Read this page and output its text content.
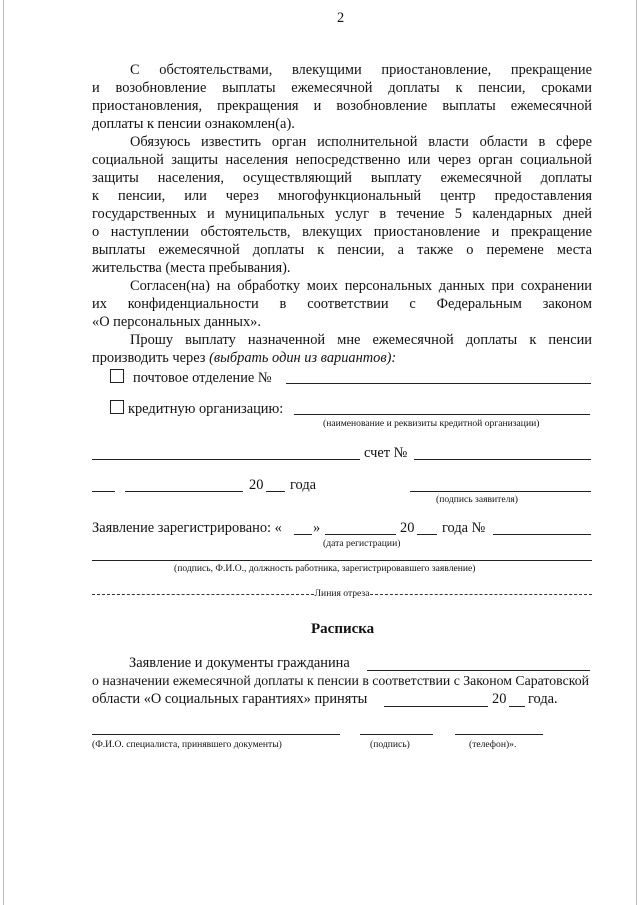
2
С обстоятельствами, влекущими приостановление, прекращение
и возобновление выплаты ежемесячной доплаты к пенсии, сроками
приостановления, прекращения и возобновление выплаты ежемесячной
доплаты к пенсии ознакомлен(а).
Обязуюсь известить орган исполнительной власти области в сфере
социальной защиты населения непосредственно или через орган социальной
защиты населения, осуществляющий выплату ежемесячной доплаты
к пенсии, или через многофункциональный центр предоставления
государственных и муниципальных услуг в течение 5 календарных дней
о наступлении обстоятельств, влекущих приостановление и прекращение
выплаты ежемесячной доплаты к пенсии, а также о перемене места
жительства (места пребывания).
Согласен(на) на обработку моих персональных данных при сохранении
их конфиденциальности в соответствии с Федеральным законом
«О персональных данных».
Прошу выплату назначенной мне ежемесячной доплаты к пенсии
производить через (выбрать один из вариантов):
почтовое отделение №
кредитную организацию:
(наименование и реквизиты кредитной организации)
счет №
20 года
(подпись заявителя)
Заявление зарегистрировано: « »	20 года №
(дата регистрации)
(подпись, Ф.И.О., должность работника, зарегистрировавшего заявление)
Линия отреза
Расписка
Заявление и документы гражданина
о назначении ежемесячной доплаты к пенсии в соответствии с Законом Саратовской
области «О социальных гарантиях» приняты	20 года.
(Ф.И.О. специалиста, принявшего документы)	(подпись)	(телефон)».
